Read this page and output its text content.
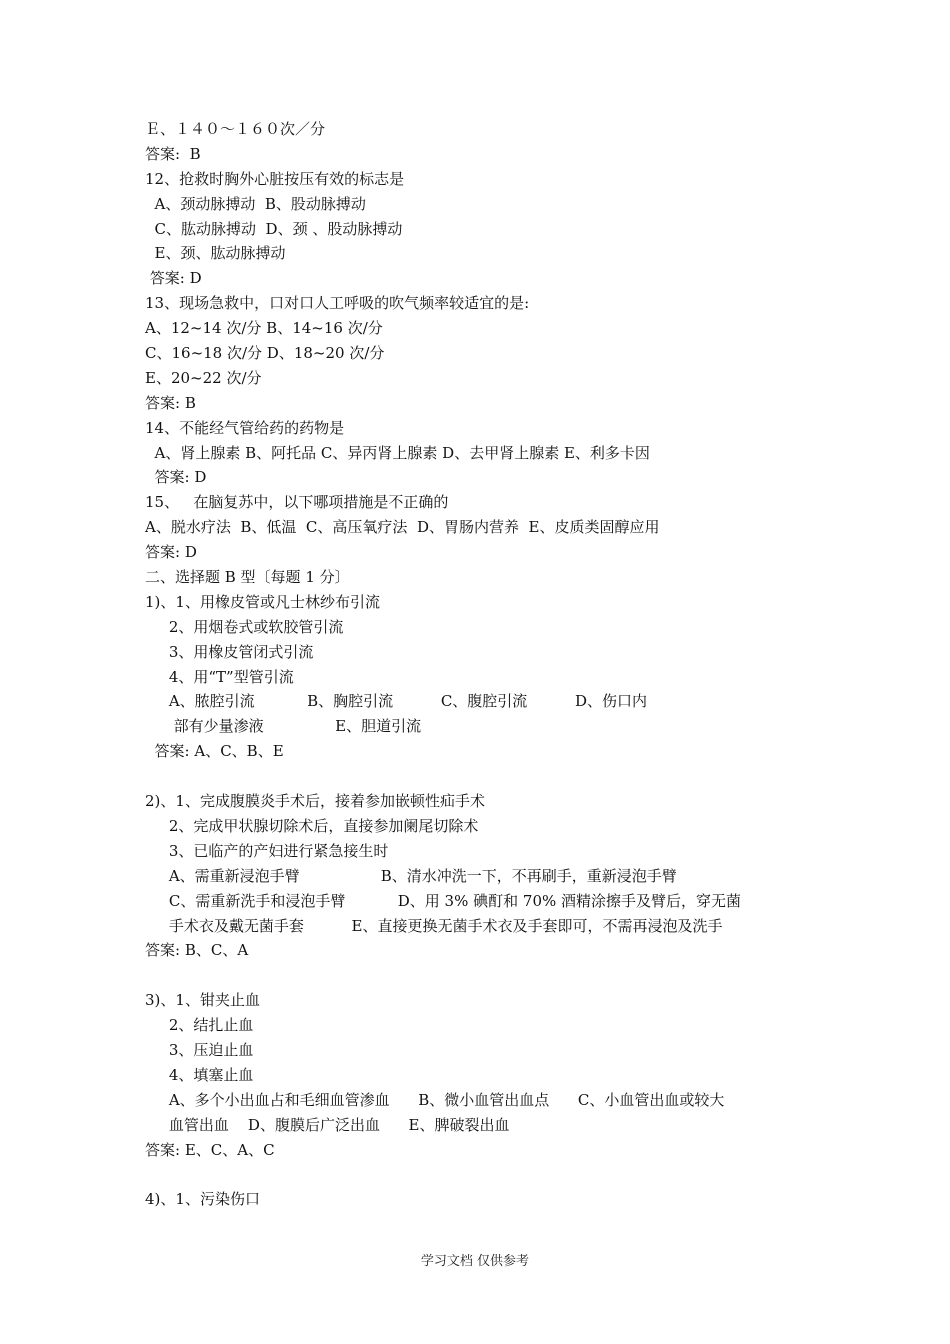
Ｅ、１４０～１６０次／分
答案:  B
12、抢救时胸外心脏按压有效的标志是
A、颈动脉搏动  B、股动脉搏动
C、肱动脉搏动  D、颈 、股动脉搏动
E、颈、肱动脉搏动
答案: D
13、现场急救中，口对口人工呼吸的吹气频率较适宜的是:
A、12~14 次/分 B、14~16 次/分
C、16~18 次/分 D、18~20 次/分
E、20~22 次/分
答案: B
14、不能经气管给药的药物是
A、肾上腺素 B、阿托品 C、异丙肾上腺素 D、去甲肾上腺素 E、利多卡因
答案: D
15、   在脑复苏中，以下哪项措施是不正确的
A、脱水疗法  B、低温  C、高压氧疗法  D、胃肠内营养  E、皮质类固醇应用
答案: D
二、选择题 B 型〔每题 1 分〕
1)、1、用橡皮管或凡士林纱布引流
2、用烟卷式或软胶管引流
3、用橡皮管闭式引流
4、用“T”型管引流
A、脓腔引流           B、胸腔引流          C、腹腔引流          D、伤口内
部有少量渗液               E、胆道引流
答案: A、C、B、E
2)、1、完成腹膜炎手术后，接着参加嵌顿性疝手术
2、完成甲状腺切除术后，直接参加阑尾切除术
3、已临产的产妇进行紧急接生时
A、需重新浸泡手臂                 B、清水冲洗一下，不再刷手，重新浸泡手臂
C、需重新洗手和浸泡手臂           D、用 3% 碘酊和 70% 酒精涂擦手及臂后，穿无菌
手术衣及戴无菌手套          E、直接更换无菌手术衣及手套即可，不需再浸泡及洗手
答案: B、C、A
3)、1、钳夹止血
2、结扎止血
3、压迫止血
4、填塞止血
A、多个小出血占和毛细血管渗血      B、微小血管出血点      C、小血管出血或较大
血管出血    D、腹膜后广泛出血      E、脾破裂出血
答案: E、C、A、C
4)、1、污染伤口
学习文档 仅供参考
